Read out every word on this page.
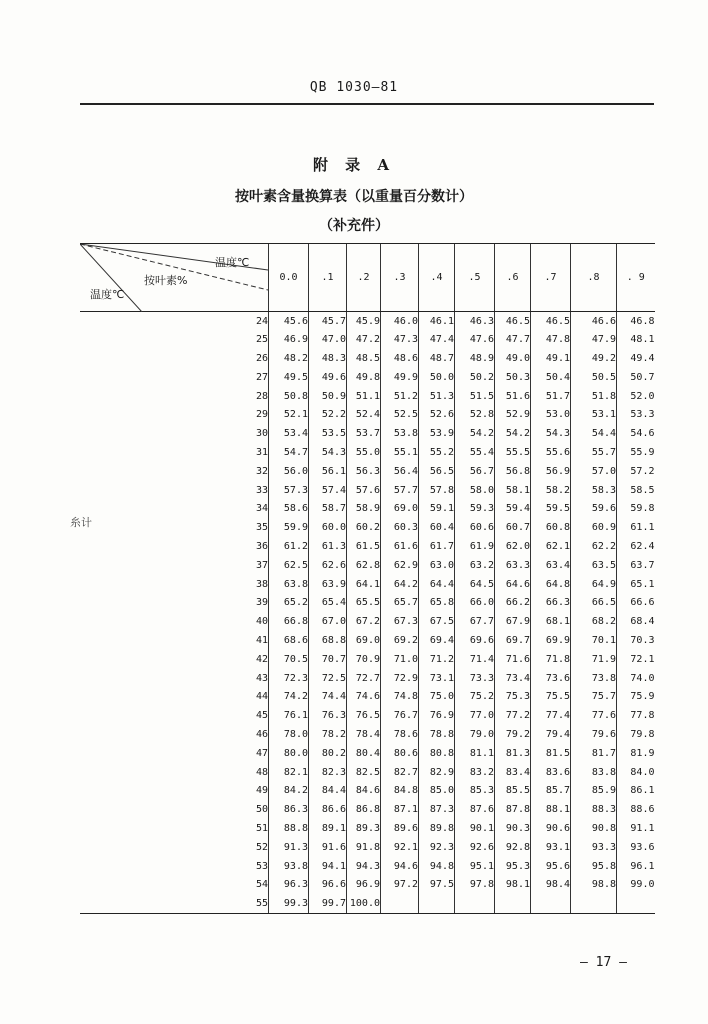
QB 1030—81
附 录 A
按叶素含量换算表（以重量百分数计）
（补充件）
糸计
温度℃
按叶素%
温度℃	0.0	.1	.2	.3	.4	.5	.6	.7	.8	. 9
24	45.6	45.7	45.9	46.0	46.1	46.3	46.5	46.5	46.6	46.8
25	46.9	47.0	47.2	47.3	47.4	47.6	47.7	47.8	47.9	48.1
26	48.2	48.3	48.5	48.6	48.7	48.9	49.0	49.1	49.2	49.4
27	49.5	49.6	49.8	49.9	50.0	50.2	50.3	50.4	50.5	50.7
28	50.8	50.9	51.1	51.2	51.3	51.5	51.6	51.7	51.8	52.0
29	52.1	52.2	52.4	52.5	52.6	52.8	52.9	53.0	53.1	53.3
30	53.4	53.5	53.7	53.8	53.9	54.2	54.2	54.3	54.4	54.6
31	54.7	54.3	55.0	55.1	55.2	55.4	55.5	55.6	55.7	55.9
32	56.0	56.1	56.3	56.4	56.5	56.7	56.8	56.9	57.0	57.2
33	57.3	57.4	57.6	57.7	57.8	58.0	58.1	58.2	58.3	58.5
34	58.6	58.7	58.9	69.0	59.1	59.3	59.4	59.5	59.6	59.8
35	59.9	60.0	60.2	60.3	60.4	60.6	60.7	60.8	60.9	61.1
36	61.2	61.3	61.5	61.6	61.7	61.9	62.0	62.1	62.2	62.4
37	62.5	62.6	62.8	62.9	63.0	63.2	63.3	63.4	63.5	63.7
38	63.8	63.9	64.1	64.2	64.4	64.5	64.6	64.8	64.9	65.1
39	65.2	65.4	65.5	65.7	65.8	66.0	66.2	66.3	66.5	66.6
40	66.8	67.0	67.2	67.3	67.5	67.7	67.9	68.1	68.2	68.4
41	68.6	68.8	69.0	69.2	69.4	69.6	69.7	69.9	70.1	70.3
42	70.5	70.7	70.9	71.0	71.2	71.4	71.6	71.8	71.9	72.1
43	72.3	72.5	72.7	72.9	73.1	73.3	73.4	73.6	73.8	74.0
44	74.2	74.4	74.6	74.8	75.0	75.2	75.3	75.5	75.7	75.9
45	76.1	76.3	76.5	76.7	76.9	77.0	77.2	77.4	77.6	77.8
46	78.0	78.2	78.4	78.6	78.8	79.0	79.2	79.4	79.6	79.8
47	80.0	80.2	80.4	80.6	80.8	81.1	81.3	81.5	81.7	81.9
48	82.1	82.3	82.5	82.7	82.9	83.2	83.4	83.6	83.8	84.0
49	84.2	84.4	84.6	84.8	85.0	85.3	85.5	85.7	85.9	86.1
50	86.3	86.6	86.8	87.1	87.3	87.6	87.8	88.1	88.3	88.6
51	88.8	89.1	89.3	89.6	89.8	90.1	90.3	90.6	90.8	91.1
52	91.3	91.6	91.8	92.1	92.3	92.6	92.8	93.1	93.3	93.6
53	93.8	94.1	94.3	94.6	94.8	95.1	95.3	95.6	95.8	96.1
54	96.3	96.6	96.9	97.2	97.5	97.8	98.1	98.4	98.8	99.0
55	99.3	99.7	100.0							
— 17 —
